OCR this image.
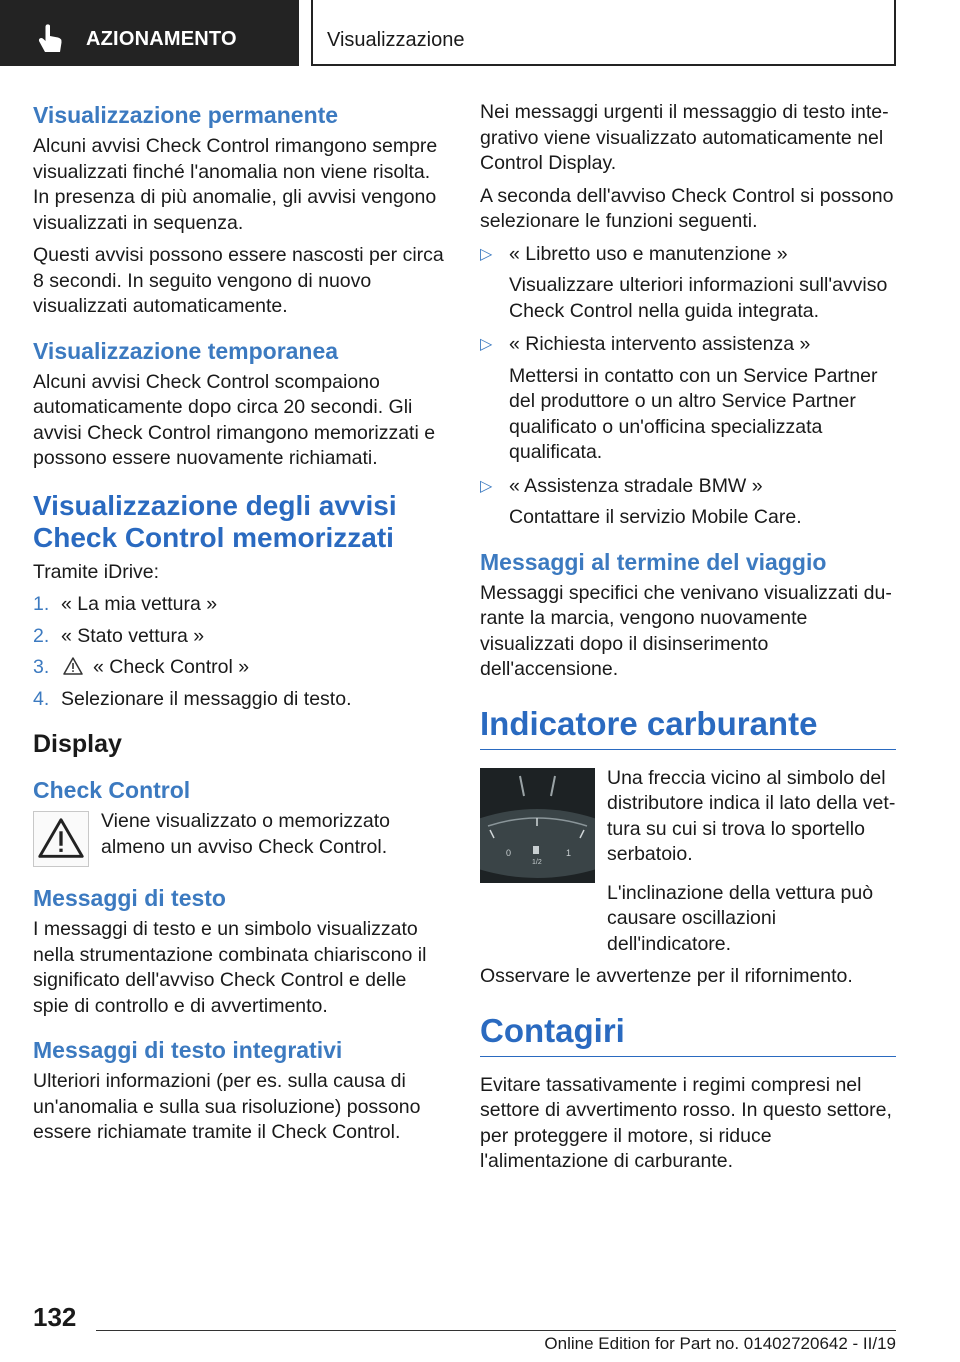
AZIONAMENTO	Visualizzazione
Visualizzazione permanente

Alcuni avvisi Check Control rimangono sempre visualizzati finché l'anomalia non viene risolta. In presenza di più anomalie, gli avvisi vengono visualizzati in sequenza.

Questi avvisi possono essere nascosti per circa 8 secondi. In seguito vengono di nuovo visualizzati automaticamente.

Visualizzazione temporanea

Alcuni avvisi Check Control scompaiono automaticamente dopo circa 20 secondi. Gli avvisi Check Control rimangono memorizzati e possono essere nuovamente richiamati.

Visualizzazione degli avvisi Check Control memorizzati

Tramite iDrive:

1. « La mia vettura »
2. « Stato vettura »
3.	« Check Control »
4. Selezionare il messaggio di testo.
Display
Check Control

Viene visualizzato o memorizzato almeno un avviso Check Control.

Messaggi di testo

I messaggi di testo e un simbolo visualizzato nella strumentazione combinata chiariscono il significato dell'avviso Check Control e delle spie di controllo e di avvertimento.

Messaggi di testo integrativi

Ulteriori informazioni (per es. sulla causa di un'anomalia e sulla sua risoluzione) possono essere richiamate tramite il Check Control.

Nei messaggi urgenti il messaggio di testo integrativo viene visualizzato automaticamente nel Control Display.

A seconda dell'avviso Check Control si possono selezionare le funzioni seguenti.

▷ « Libretto uso e manutenzione »

Visualizzare ulteriori informazioni sull'avviso Check Control nella guida integrata.

▷ « Richiesta intervento assistenza »

Mettersi in contatto con un Service Partner del produttore o un altro Service Partner qualificato o un'officina specializzata qualificata.

▷ « Assistenza stradale BMW »

Contattare il servizio Mobile Care.

Messaggi al termine del viaggio

Messaggi specifici che venivano visualizzati durante la marcia, vengono nuovamente visualizzati dopo il disinserimento dell'accensione.

Indicatore carburante
0
1/2
1

Una freccia vicino al simbolo del distributore indica il lato della vettura su cui si trova lo sportello serbatoio.

L'inclinazione della vettura può causare oscillazioni dell'indicatore.

Osservare le avvertenze per il rifornimento.

Contagiri

Evitare tassativamente i regimi compresi nel settore di avvertimento rosso. In questo settore, per proteggere il motore, si riduce l'alimentazione di carburante.

132
Online Edition for Part no. 01402720642 - II/19
